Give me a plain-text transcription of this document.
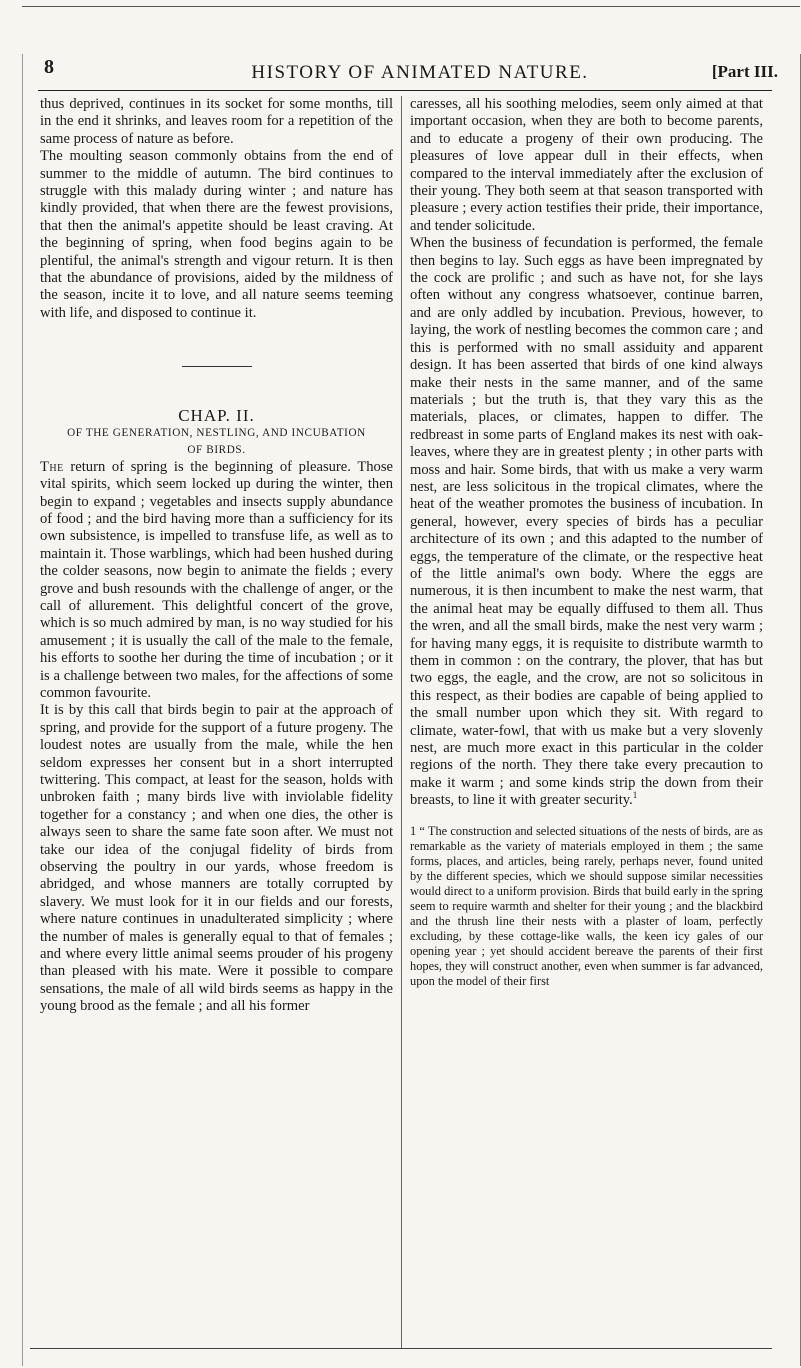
8	HISTORY OF ANIMATED NATURE.	[Part III.

thus deprived, continues in its socket for some months, till in the end it shrinks, and leaves room for a repetition of the same process of nature as before.

The moulting season commonly obtains from the end of summer to the middle of autumn. The bird continues to struggle with this malady during winter ; and nature has kindly provided, that when there are the fewest provisions, that then the animal's appetite should be least craving. At the beginning of spring, when food begins again to be plentiful, the animal's strength and vigour return. It is then that the abundance of provisions, aided by the mildness of the season, incite it to love, and all nature seems teeming with life, and disposed to continue it.

CHAP. II.

OF THE GENERATION, NESTLING, AND INCUBATION
OF BIRDS.

The return of spring is the beginning of pleasure. Those vital spirits, which seem locked up during the winter, then begin to expand ; vegetables and insects supply abundance of food ; and the bird having more than a sufficiency for its own subsistence, is impelled to transfuse life, as well as to maintain it. Those warblings, which had been hushed during the colder seasons, now begin to animate the fields ; every grove and bush resounds with the challenge of anger, or the call of allurement. This delightful concert of the grove, which is so much admired by man, is no way studied for his amusement ; it is usually the call of the male to the female, his efforts to soothe her during the time of incubation ; or it is a challenge between two males, for the affections of some common favourite.

It is by this call that birds begin to pair at the approach of spring, and provide for the support of a future progeny. The loudest notes are usually from the male, while the hen seldom expresses her consent but in a short interrupted twittering. This compact, at least for the season, holds with unbroken faith ; many birds live with inviolable fidelity together for a constancy ; and when one dies, the other is always seen to share the same fate soon after. We must not take our idea of the conjugal fidelity of birds from observing the poultry in our yards, whose freedom is abridged, and whose manners are totally corrupted by slavery. We must look for it in our fields and our forests, where nature continues in unadulterated simplicity ; where the number of males is generally equal to that of females ; and where every little animal seems prouder of his progeny than pleased with his mate. Were it possible to compare sensations, the male of all wild birds seems as happy in the young brood as the female ; and all his former

caresses, all his soothing melodies, seem only aimed at that important occasion, when they are both to become parents, and to educate a progeny of their own producing. The pleasures of love appear dull in their effects, when compared to the interval immediately after the exclusion of their young. They both seem at that season transported with pleasure ; every action testifies their pride, their importance, and tender solicitude.

When the business of fecundation is performed, the female then begins to lay. Such eggs as have been impregnated by the cock are prolific ; and such as have not, for she lays often without any congress whatsoever, continue barren, and are only addled by incubation. Previous, however, to laying, the work of nestling becomes the common care ; and this is performed with no small assiduity and apparent design. It has been asserted that birds of one kind always make their nests in the same manner, and of the same materials ; but the truth is, that they vary this as the materials, places, or climates, happen to differ. The redbreast in some parts of England makes its nest with oak-leaves, where they are in greatest plenty ; in other parts with moss and hair. Some birds, that with us make a very warm nest, are less solicitous in the tropical climates, where the heat of the weather promotes the business of incubation. In general, however, every species of birds has a peculiar architecture of its own ; and this adapted to the number of eggs, the temperature of the climate, or the respective heat of the little animal's own body. Where the eggs are numerous, it is then incumbent to make the nest warm, that the animal heat may be equally diffused to them all. Thus the wren, and all the small birds, make the nest very warm ; for having many eggs, it is requisite to distribute warmth to them in common : on the contrary, the plover, that has but two eggs, the eagle, and the crow, are not so solicitous in this respect, as their bodies are capable of being applied to the small number upon which they sit. With regard to climate, water-fowl, that with us make but a very slovenly nest, are much more exact in this particular in the colder regions of the north. They there take every precaution to make it warm ; and some kinds strip the down from their breasts, to line it with greater security.$^1$

1 “ The construction and selected situations of the nests of birds, are as remarkable as the variety of materials employed in them ; the same forms, places, and articles, being rarely, perhaps never, found united by the different species, which we should suppose similar necessities would direct to a uniform provision. Birds that build early in the spring seem to require warmth and shelter for their young ; and the blackbird and the thrush line their nests with a plaster of loam, perfectly excluding, by these cottage-like walls, the keen icy gales of our opening year ; yet should accident bereave the parents of their first hopes, they will construct another, even when summer is far advanced, upon the model of their first
